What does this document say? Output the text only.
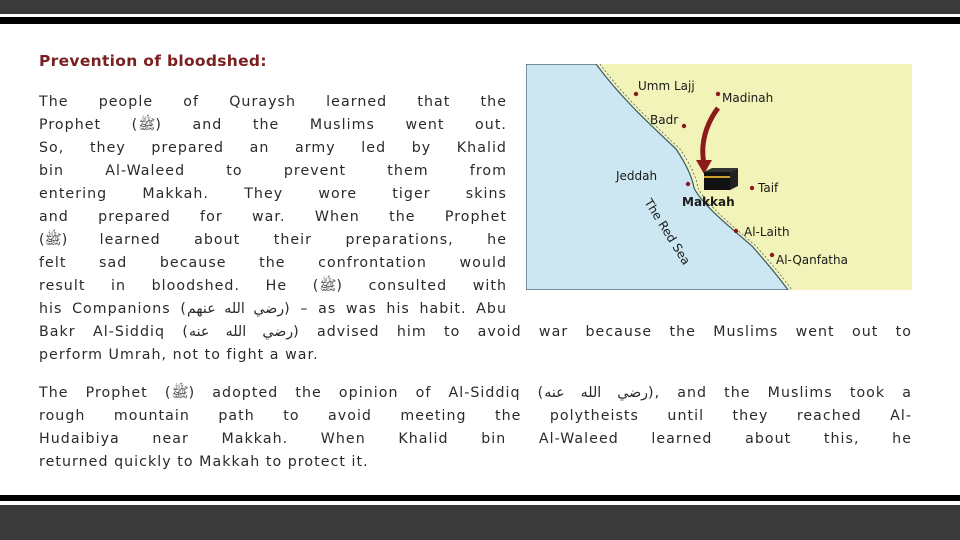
Prevention of bloodshed:
The people of Quraysh learned that the
Prophet (ﷺ) and the Muslims went out.
So, they prepared an army led by Khalid
bin Al-Waleed to prevent them from
entering Makkah. They wore tiger skins
and prepared for war. When the Prophet
(ﷺ) learned about their preparations, he
felt sad because the confrontation would
result in bloodshed. He (ﷺ) consulted with
his Companions (رضي الله عنهم) – as was his habit. Abu
Bakr Al-Siddiq (رضي الله عنه) advised him to avoid war because the Muslims went out to
perform Umrah, not to fight a war.
The Prophet (ﷺ) adopted the opinion of Al-Siddiq (رضي الله عنه), and the Muslims took a
rough mountain path to avoid meeting the polytheists until they reached Al-
Hudaibiya near Makkah. When Khalid bin Al-Waleed learned about this, he
returned quickly to Makkah to protect it.
Umm Lajj
Madinah
Badr
Jeddah
Makkah
Taif
Al-Laith
Al-Qanfatha
The Red Sea
